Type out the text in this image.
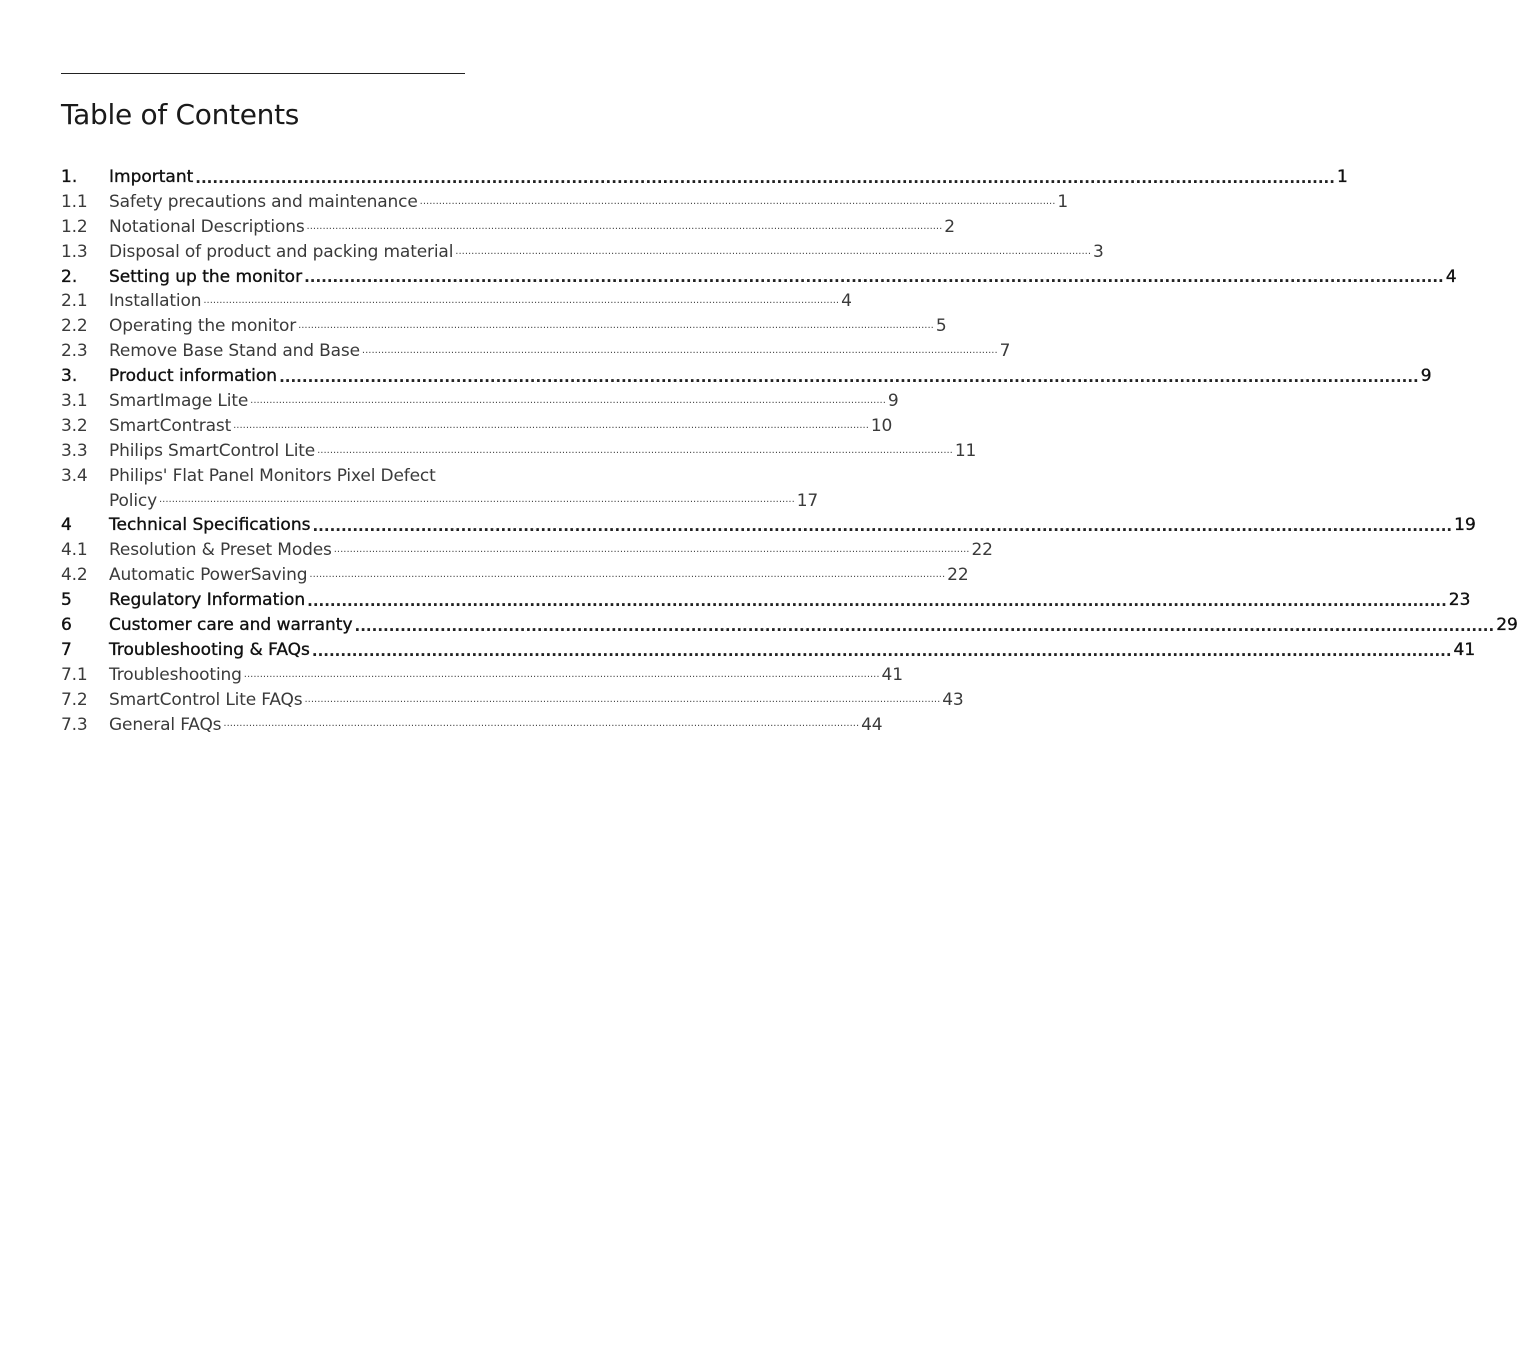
Table of Contents
1.	Important .....	1
1.1	Safety precautions and maintenance .....	1
1.2	Notational Descriptions .....	2
1.3	Disposal of product and packing material .....	3
2.	Setting up the monitor .....	4
2.1	Installation .....	4
2.2	Operating the monitor .....	5
2.3	Remove Base Stand and Base .....	7
3.	Product information .....	9
3.1	SmartImage Lite .....	9
3.2	SmartContrast .....	10
3.3	Philips SmartControl Lite .....	11
3.4	Philips' Flat Panel Monitors Pixel Defect
Policy .....	17
4	Technical Specifications .....	19
4.1	Resolution & Preset Modes .....	22
4.2	Automatic PowerSaving .....	22
5	Regulatory Information .....	23
6	Customer care and warranty .....	29
7	Troubleshooting & FAQs .....	41
7.1	Troubleshooting .....	41
7.2	SmartControl Lite FAQs .....	43
7.3	General FAQs .....	44
